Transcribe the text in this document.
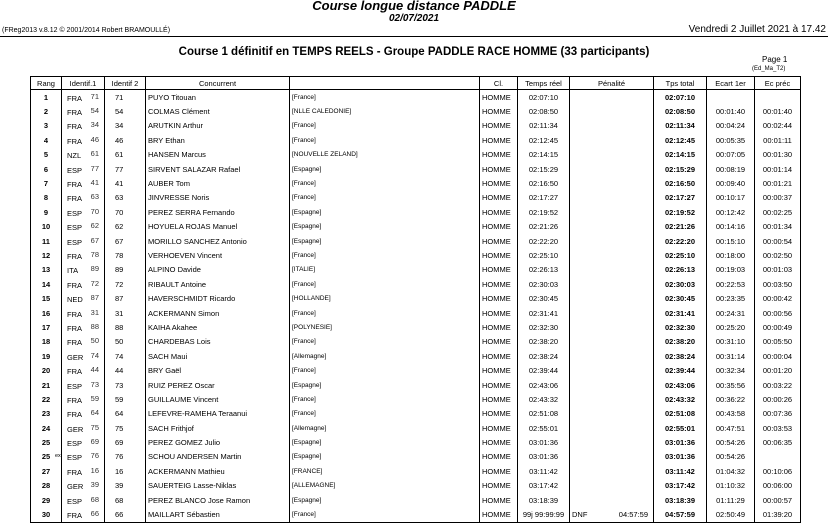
Course longue distance PADDLE
02/07/2021
(FReg2013 v.8.12 © 2001/2014 Robert BRAMOULLÉ)	Vendredi 2 Juillet 2021 à 17.42
Course 1 définitif en TEMPS REELS - Groupe PADDLE RACE HOMME (33 participants)
Page 1
(Ed_Ma_T2)
Rang	Identif.1	Identif 2	Concurrent		Cl.	Temps réel	Pénalité	Tps total	Ecart 1er	Ec préc
1	FRA 71	71	PUYO Titouan	[France]	HOMME	02:07:10		02:07:10		
2	FRA 54	54	COLMAS Clément	[NLLE CALEDONIE]	HOMME	02:08:50		02:08:50	00:01:40	00:01:40
3	FRA 34	34	ARUTKIN Arthur	[France]	HOMME	02:11:34		02:11:34	00:04:24	00:02:44
4	FRA 46	46	BRY Ethan	[France]	HOMME	02:12:45		02:12:45	00:05:35	00:01:11
5	NZL 61	61	HANSEN Marcus	[NOUVELLE ZELAND]	HOMME	02:14:15		02:14:15	00:07:05	00:01:30
6	ESP 77	77	SIRVENT SALAZAR Rafael	[Espagne]	HOMME	02:15:29		02:15:29	00:08:19	00:01:14
7	FRA 41	41	AUBER Tom	[France]	HOMME	02:16:50		02:16:50	00:09:40	00:01:21
8	FRA 63	63	JINVRESSE Noris	[France]	HOMME	02:17:27		02:17:27	00:10:17	00:00:37
9	ESP 70	70	PEREZ SERRA Fernando	[Espagne]	HOMME	02:19:52		02:19:52	00:12:42	00:02:25
10	ESP 62	62	HOYUELA ROJAS Manuel	[Espagne]	HOMME	02:21:26		02:21:26	00:14:16	00:01:34
11	ESP 67	67	MORILLO SANCHEZ Antonio	[Espagne]	HOMME	02:22:20		02:22:20	00:15:10	00:00:54
12	FRA 78	78	VERHOEVEN Vincent	[France]	HOMME	02:25:10		02:25:10	00:18:00	00:02:50
13	ITA 89	89	ALPINO Davide	[ITALIE]	HOMME	02:26:13		02:26:13	00:19:03	00:01:03
14	FRA 72	72	RIBAULT Antoine	[France]	HOMME	02:30:03		02:30:03	00:22:53	00:03:50
15	NED 87	87	HAVERSCHMIDT Ricardo	[HOLLANDE]	HOMME	02:30:45		02:30:45	00:23:35	00:00:42
16	FRA 31	31	ACKERMANN Simon	[France]	HOMME	02:31:41		02:31:41	00:24:31	00:00:56
17	FRA 88	88	KAIHA Akahee	[POLYNESIE]	HOMME	02:32:30		02:32:30	00:25:20	00:00:49
18	FRA 50	50	CHARDEBAS Lois	[France]	HOMME	02:38:20		02:38:20	00:31:10	00:05:50
19	GER 74	74	SACH Maui	[Allemagne]	HOMME	02:38:24		02:38:24	00:31:14	00:00:04
20	FRA 44	44	BRY Gaël	[France]	HOMME	02:39:44		02:39:44	00:32:34	00:01:20
21	ESP 73	73	RUIZ PEREZ Oscar	[Espagne]	HOMME	02:43:06		02:43:06	00:35:56	00:03:22
22	FRA 59	59	GUILLAUME Vincent	[France]	HOMME	02:43:32		02:43:32	00:36:22	00:00:26
23	FRA 64	64	LEFEVRE-RAMEHA Teraanui	[France]	HOMME	02:51:08		02:51:08	00:43:58	00:07:36
24	GER 75	75	SACH Frithjof	[Allemagne]	HOMME	02:55:01		02:55:01	00:47:51	00:03:53
25	ESP 69	69	PEREZ GOMEZ Julio	[Espagne]	HOMME	03:01:36		03:01:36	00:54:26	00:06:35
25 ex	ESP 76	76	SCHOU ANDERSEN Martin	[Espagne]	HOMME	03:01:36		03:01:36	00:54:26	
27	FRA 16	16	ACKERMANN Mathieu	[FRANCE]	HOMME	03:11:42		03:11:42	01:04:32	00:10:06
28	GER 39	39	SAUERTEIG Lasse-Niklas	[ALLEMAGNE]	HOMME	03:17:42		03:17:42	01:10:32	00:06:00
29	ESP 68	68	PEREZ BLANCO Jose Ramon	[Espagne]	HOMME	03:18:39		03:18:39	01:11:29	00:00:57
30	FRA 66	66	MAILLART Sébastien	[France]	HOMME	99j 99:99:99	DNF 04:57:59	04:57:59	02:50:49	01:39:20
